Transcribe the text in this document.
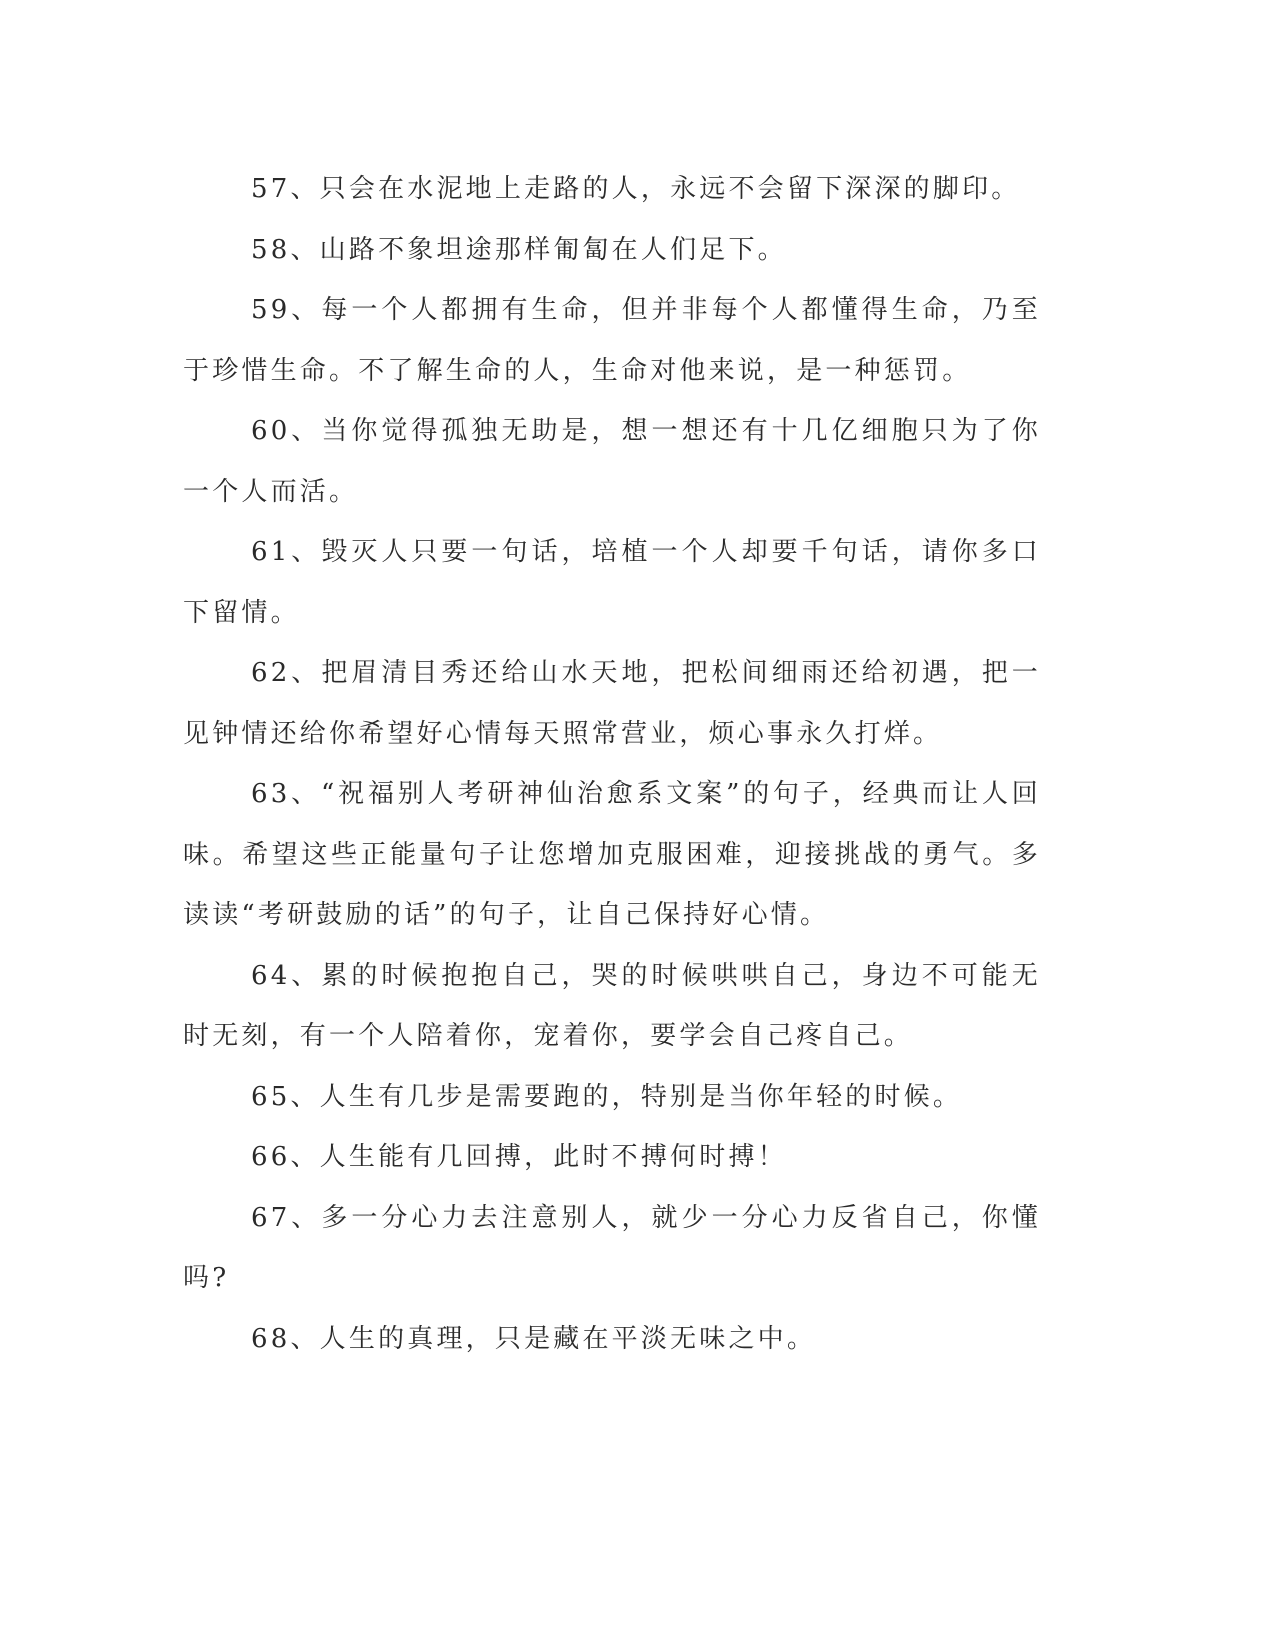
57、只会在水泥地上走路的人，永远不会留下深深的脚印。

58、山路不象坦途那样匍匐在人们足下。

59、每一个人都拥有生命，但并非每个人都懂得生命，乃至于珍惜生命。不了解生命的人，生命对他来说，是一种惩罚。

60、当你觉得孤独无助是，想一想还有十几亿细胞只为了你一个人而活。

61、毁灭人只要一句话，培植一个人却要千句话，请你多口下留情。

62、把眉清目秀还给山水天地，把松间细雨还给初遇，把一见钟情还给你希望好心情每天照常营业，烦心事永久打烊。

63、“祝福别人考研神仙治愈系文案”的句子，经典而让人回味。希望这些正能量句子让您增加克服困难，迎接挑战的勇气。多读读“考研鼓励的话”的句子，让自己保持好心情。

64、累的时候抱抱自己，哭的时候哄哄自己，身边不可能无时无刻，有一个人陪着你，宠着你，要学会自己疼自己。

65、人生有几步是需要跑的，特别是当你年轻的时候。

66、人生能有几回搏，此时不搏何时搏！

67、多一分心力去注意别人，就少一分心力反省自己，你懂吗?

68、人生的真理，只是藏在平淡无味之中。
